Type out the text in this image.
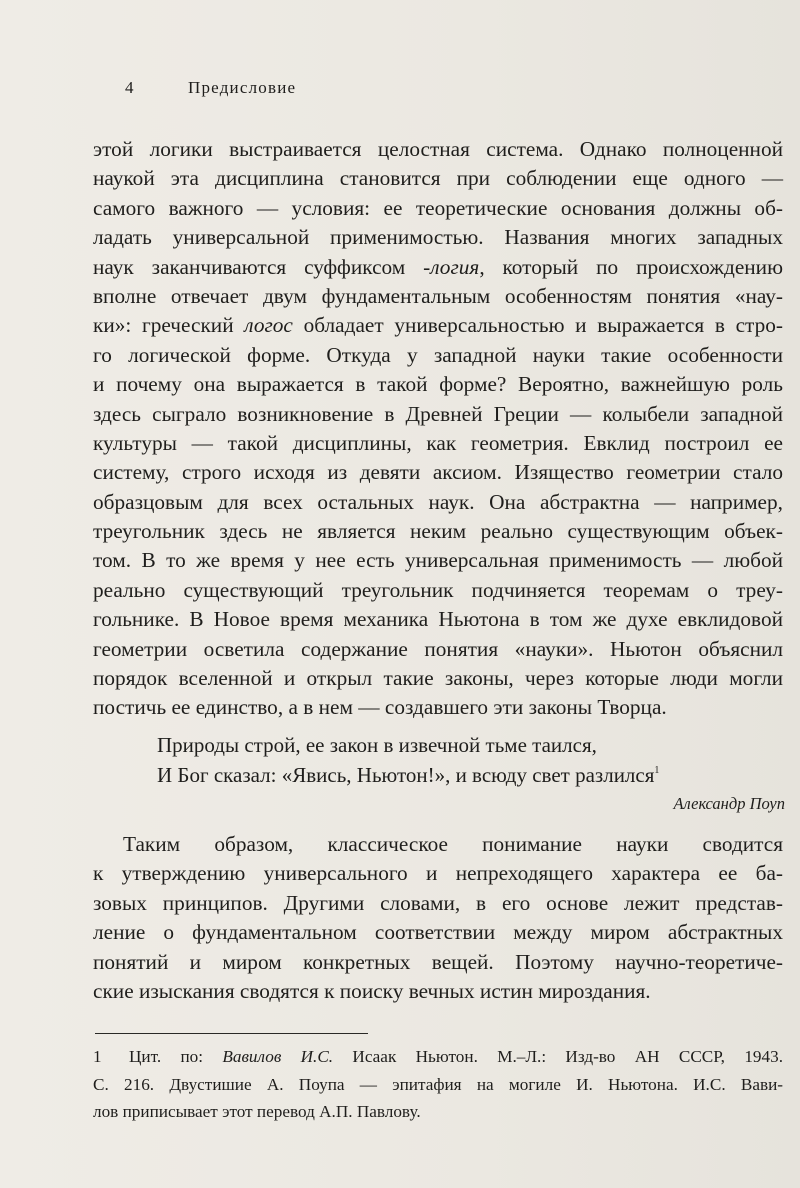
4	Предисловие
этой логики выстраивается целостная система. Однако полноценной
наукой эта дисциплина становится при соблюдении еще одного —
самого важного — условия: ее теоретические основания должны об-
ладать универсальной применимостью. Названия многих западных
наук заканчиваются суффиксом -логия, который по происхождению
вполне отвечает двум фундаментальным особенностям понятия «нау-
ки»: греческий логос обладает универсальностью и выражается в стро-
го логической форме. Откуда у западной науки такие особенности
и почему она выражается в такой форме? Вероятно, важнейшую роль
здесь сыграло возникновение в Древней Греции — колыбели западной
культуры — такой дисциплины, как геометрия. Евклид построил ее
систему, строго исходя из девяти аксиом. Изящество геометрии стало
образцовым для всех остальных наук. Она абстрактна — например,
треугольник здесь не является неким реально существующим объек-
том. В то же время у нее есть универсальная применимость — любой
реально существующий треугольник подчиняется теоремам о треу-
гольнике. В Новое время механика Ньютона в том же духе евклидовой
геометрии осветила содержание понятия «науки». Ньютон объяснил
порядок вселенной и открыл такие законы, через которые люди могли
постичь ее единство, а в нем — создавшего эти законы Творца.
Природы строй, ее закон в извечной тьме таился,
И Бог сказал: «Явись, Ньютон!», и всюду свет разлился$^1$
Александр Поуп
Таким образом, классическое понимание науки сводится
к утверждению универсального и непреходящего характера ее ба-
зовых принципов. Другими словами, в его основе лежит представ-
ление о фундаментальном соответствии между миром абстрактных
понятий и миром конкретных вещей. Поэтому научно-теоретиче-
ские изыскания сводятся к поиску вечных истин мироздания.
1 Цит. по: Вавилов И.С. Исаак Ньютон. М.–Л.: Изд-во АН СССР, 1943.
С. 216. Двустишие А. Поупа — эпитафия на могиле И. Ньютона. И.С. Вави-
лов приписывает этот перевод А.П. Павлову.
